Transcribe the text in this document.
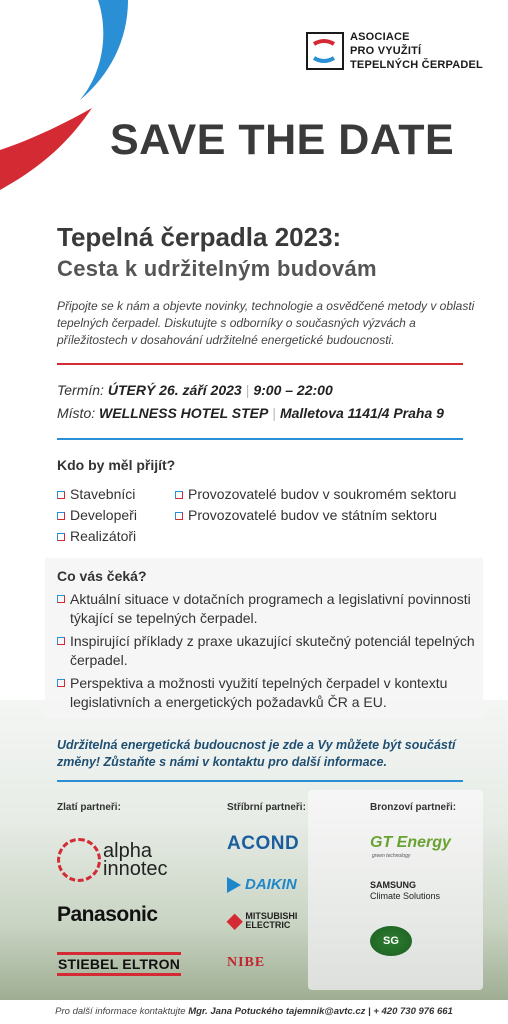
ASOCIACE
PRO VYUŽITÍ
TEPELNÝCH ČERPADEL
SAVE THE DATE
Tepelná čerpadla 2023:
Cesta k udržitelným budovám
Připojte se k nám a objevte novinky, technologie a osvědčené metody v oblasti tepelných čerpadel. Diskutujte s odborníky o současných výzvách a příležitostech v dosahování udržitelné energetické budoucnosti.
Termín: ÚTERÝ 26. září 2023 | 9:00 – 22:00
Místo: WELLNESS HOTEL STEP | Malletova 1141/4 Praha 9
Kdo by měl přijít?
Stavebníci
Developeři
Realizátoři
Provozovatelé budov v soukromém sektoru
Provozovatelé budov ve státním sektoru
Co vás čeká?
Aktuální situace v dotačních programech a legislativní povinnosti týkající se tepelných čerpadel.
Inspirující příklady z praxe ukazující skutečný potenciál tepelných čerpadel.
Perspektiva a možnosti využití tepelných čerpadel v kontextu legislativních a energetických požadavků ČR a EU.
Udržitelná energetická budoucnost je zde a Vy můžete být součástí změny! Zůstaňte s námi v kontaktu pro další informace.
Zlatí partneři:	Stříbrní partneři:	Bronzoví partneři:
alpha
innotec
Panasonic
STIEBEL ELTRON
ACOND
DAIKIN
◆ MITSUBISHI
ELECTRIC
NIBE
GT Energy
green technology
SAMSUNG
Climate Solutions
SG
Pro další informace kontaktujte Mgr. Jana Potuckého tajemnik@avtc.cz | + 420 730 976 661
